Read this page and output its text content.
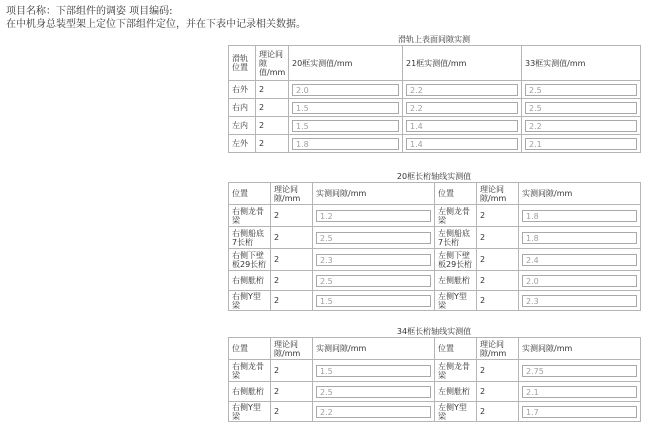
项目名称：下部组件的调姿 项目编码:
在中机身总装型架上定位下部组件定位，并在下表中记录相关数据。
滑轨上表面间隙实测
滑轨位置	理论间隙值/mm	20框实测值/mm	21框实测值/mm	33框实测值/mm
右外	2	2.0	2.2	2.5

右内	2	1.5	2.2	2.5

左内	2	1.5	1.4	2.2

左外	2	1.8	1.4	2.1
20框长桁轴线实测值
位置	理论间隙/mm	实测间隙/mm	位置	理论间隙/mm	实测间隙/mm
右侧龙骨梁	2	1.2	左侧龙骨梁	2	1.8

右侧船底7长桁	2	2.5	左侧船底7长桁	2	1.8

右侧下壁板29长桁	2	2.3	左侧下壁板29长桁	2	2.4

右侧舭桁	2	2.5	左侧舭桁	2	2.0

右侧Y型梁	2	1.5	左侧Y型梁	2	2.3
34框长桁轴线实测值
位置	理论间隙/mm	实测间隙/mm	位置	理论间隙/mm	实测间隙/mm
右侧龙骨梁	2	1.5	左侧龙骨梁	2	2.75

右侧舭桁	2	2.5	左侧舭桁	2	2.1

右侧Y型梁	2	2.2	左侧Y型梁	2	1.7
